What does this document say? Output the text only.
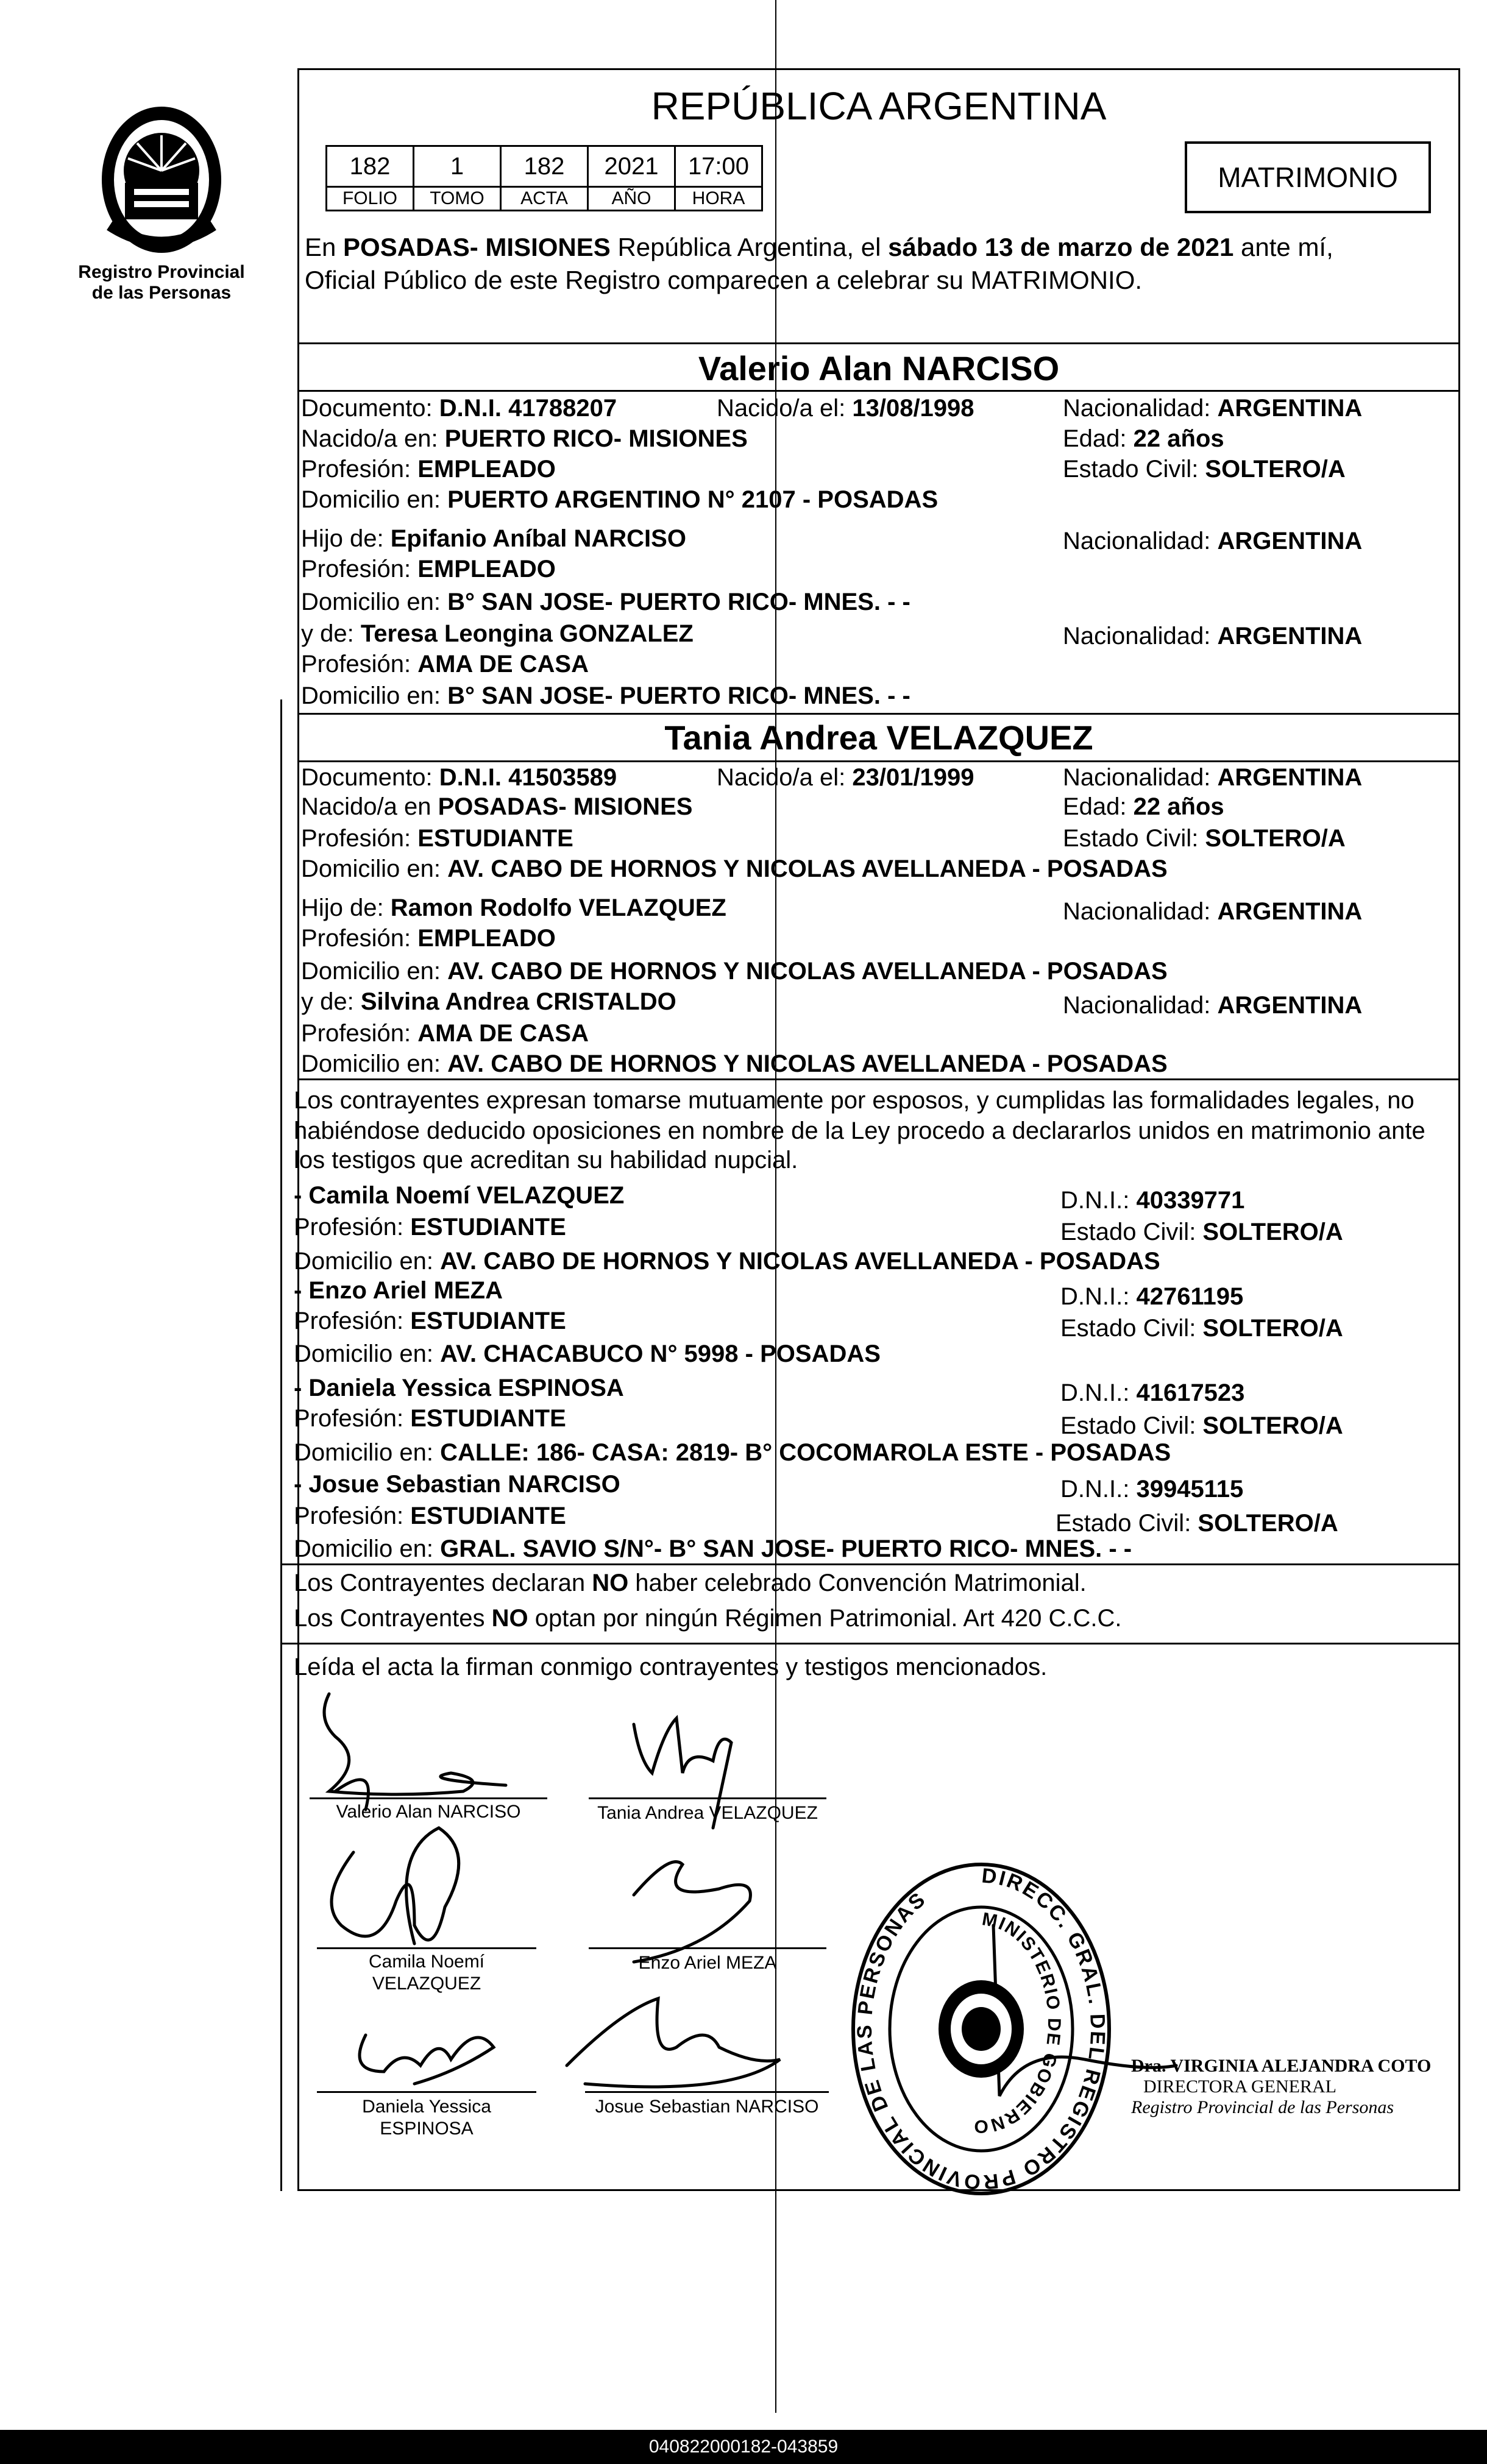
Registro Provincial
de las Personas
REPÚBLICA ARGENTINA
182	1	182	2021	17:00
FOLIO	TOMO	ACTA	AÑO	HORA
MATRIMONIO
En POSADAS- MISIONES República Argentina, el sábado 13 de marzo de 2021 ante mí,
Oficial Público de este Registro comparecen a celebrar su MATRIMONIO.
Valerio Alan NARCISO
Documento: D.N.I. 41788207	Nacido/a el: 13/08/1998	Nacionalidad: ARGENTINA
Nacido/a en: PUERTO RICO- MISIONES	Edad: 22 años
Profesión: EMPLEADO	Estado Civil: SOLTERO/A
Domicilio en: PUERTO ARGENTINO N° 2107 - POSADAS
Hijo de: Epifanio Aníbal NARCISO	Nacionalidad: ARGENTINA
Profesión: EMPLEADO
Domicilio en: B° SAN JOSE- PUERTO RICO- MNES. - -
y de: Teresa Leongina GONZALEZ	Nacionalidad: ARGENTINA
Profesión: AMA DE CASA
Domicilio en: B° SAN JOSE- PUERTO RICO- MNES. - -
Tania Andrea VELAZQUEZ
Documento: D.N.I. 41503589	Nacido/a el: 23/01/1999	Nacionalidad: ARGENTINA
Nacido/a en POSADAS- MISIONES	Edad: 22 años
Profesión: ESTUDIANTE	Estado Civil: SOLTERO/A
Domicilio en: AV. CABO DE HORNOS Y NICOLAS AVELLANEDA - POSADAS
Hijo de: Ramon Rodolfo VELAZQUEZ	Nacionalidad: ARGENTINA
Profesión: EMPLEADO
Domicilio en: AV. CABO DE HORNOS Y NICOLAS AVELLANEDA - POSADAS
y de: Silvina Andrea CRISTALDO	Nacionalidad: ARGENTINA
Profesión: AMA DE CASA
Domicilio en: AV. CABO DE HORNOS Y NICOLAS AVELLANEDA - POSADAS
Los contrayentes expresan tomarse mutuamente por esposos, y cumplidas las formalidades legales, no
habiéndose deducido oposiciones en nombre de la Ley procedo a declararlos unidos en matrimonio ante
los testigos que acreditan su habilidad nupcial.
- Camila Noemí VELAZQUEZ	D.N.I.: 40339771
Profesión: ESTUDIANTE	Estado Civil: SOLTERO/A
Domicilio en: AV. CABO DE HORNOS Y NICOLAS AVELLANEDA - POSADAS
- Enzo Ariel MEZA	D.N.I.: 42761195
Profesión: ESTUDIANTE	Estado Civil: SOLTERO/A
Domicilio en: AV. CHACABUCO N° 5998 - POSADAS
- Daniela Yessica ESPINOSA	D.N.I.: 41617523
Profesión: ESTUDIANTE	Estado Civil: SOLTERO/A
Domicilio en: CALLE: 186- CASA: 2819- B° COCOMAROLA ESTE - POSADAS
- Josue Sebastian NARCISO	D.N.I.: 39945115
Profesión: ESTUDIANTE	Estado Civil: SOLTERO/A
Domicilio en: GRAL. SAVIO S/N°- B° SAN JOSE- PUERTO RICO- MNES. - -
Los Contrayentes declaran NO haber celebrado Convención Matrimonial.
Los Contrayentes NO optan por ningún Régimen Patrimonial. Art 420 C.C.C.
Leída el acta la firman conmigo contrayentes y testigos mencionados.
Valerio Alan NARCISO	Tania Andrea VELAZQUEZ
Camila Noemí
VELAZQUEZ
Enzo Ariel MEZA
Daniela Yessica
ESPINOSA
Josue Sebastian NARCISO
DIRECC. GRAL. DEL REGISTRO PROVINCIAL DE LAS PERSONAS
MINISTERIO DE GOBIERNO
Dra. VIRGINIA ALEJANDRA COTO
DIRECTORA GENERAL
Registro Provincial de las Personas
040822000182-043859
